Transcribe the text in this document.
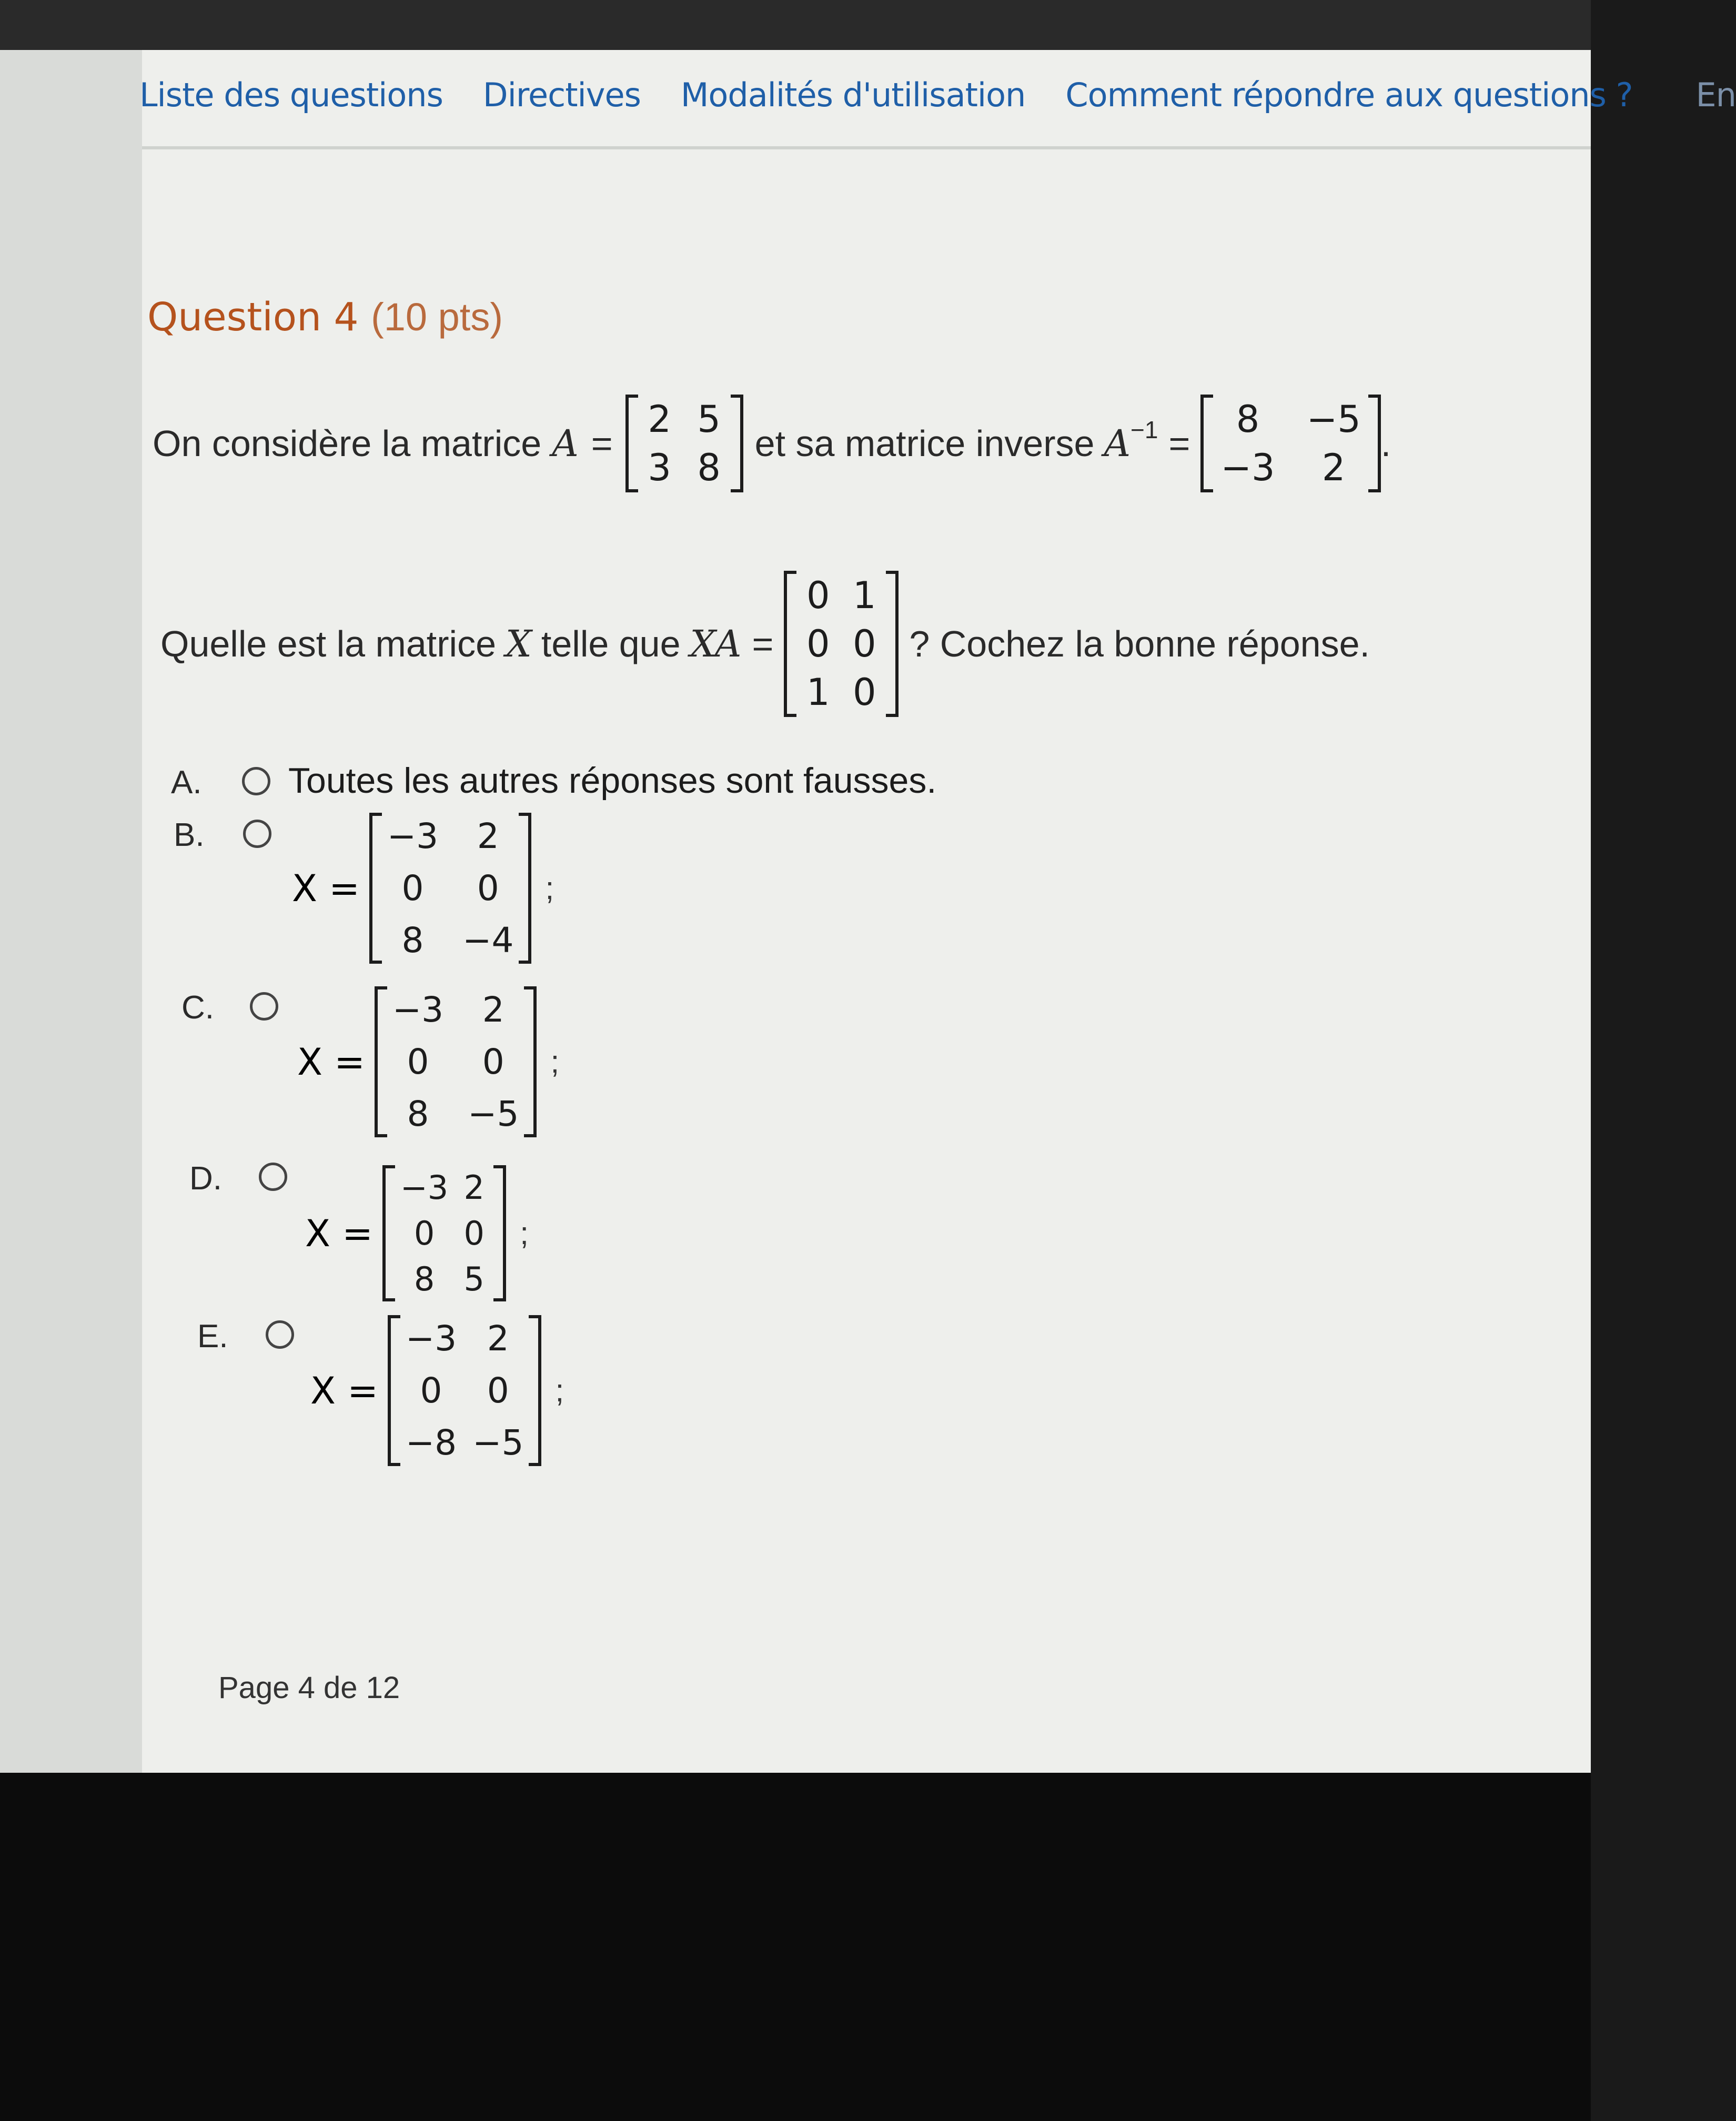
Liste des questions Directives Modalités d'utilisation Comment répondre aux questions ? En
Question 4 (10 pts)
On considère la matrice A =
2 5
3 8
et sa matrice inverse $A^{-1}$ =
8	−5
−3	2
.
Quelle est la matrice X telle que XA =
0 1
0 0
1 0
? Cochez la bonne réponse.
A. Toutes les autres réponses sont fausses.
B.
X =
−3	2
0	0
8	−4
;
C.
X =
−3	2
0	0
8	−5
;
D.
X =
−3 2
0 0
8 5
;
E.
X =
−3 2
0	0
−8 −5
;
Page 4 de 12
